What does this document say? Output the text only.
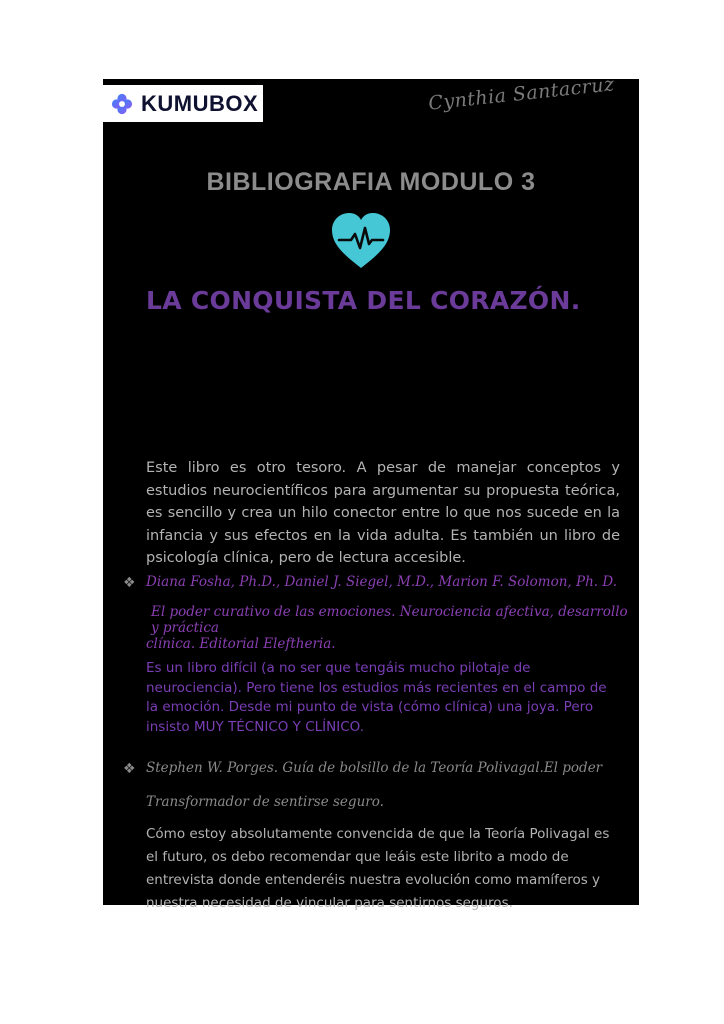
KUMUBOX	Cynthia Santacruz
BIBLIOGRAFIA MODULO 3
LA CONQUISTA DEL CORAZÓN.
Este libro es otro tesoro. A pesar de manejar conceptos y estudios neurocientíficos para argumentar su propuesta teórica, es sencillo y crea un hilo conector entre lo que nos sucede en la infancia y sus efectos en la vida adulta. Es también un libro de psicología clínica, pero de lectura accesible.
❖ Diana Fosha, Ph.D., Daniel J. Siegel, M.D., Marion F. Solomon, Ph. D.
El poder curativo de las emociones. Neurociencia afectiva, desarrollo y práctica
clínica. Editorial Eleftheria.
Es un libro difícil (a no ser que tengáis mucho pilotaje de neurociencia). Pero tiene los estudios más recientes en el campo de la emoción. Desde mi punto de vista (cómo clínica) una joya. Pero insisto MUY TÉCNICO Y CLÍNICO.
❖ Stephen W. Porges. Guía de bolsillo de la Teoría Polivagal.El poder
Transformador de sentirse seguro.
Cómo estoy absolutamente convencida de que la Teoría Polivagal es el futuro, os debo recomendar que leáis este librito a modo de entrevista donde entenderéis nuestra evolución como mamíferos y nuestra necesidad de vincular para sentirnos seguros.
